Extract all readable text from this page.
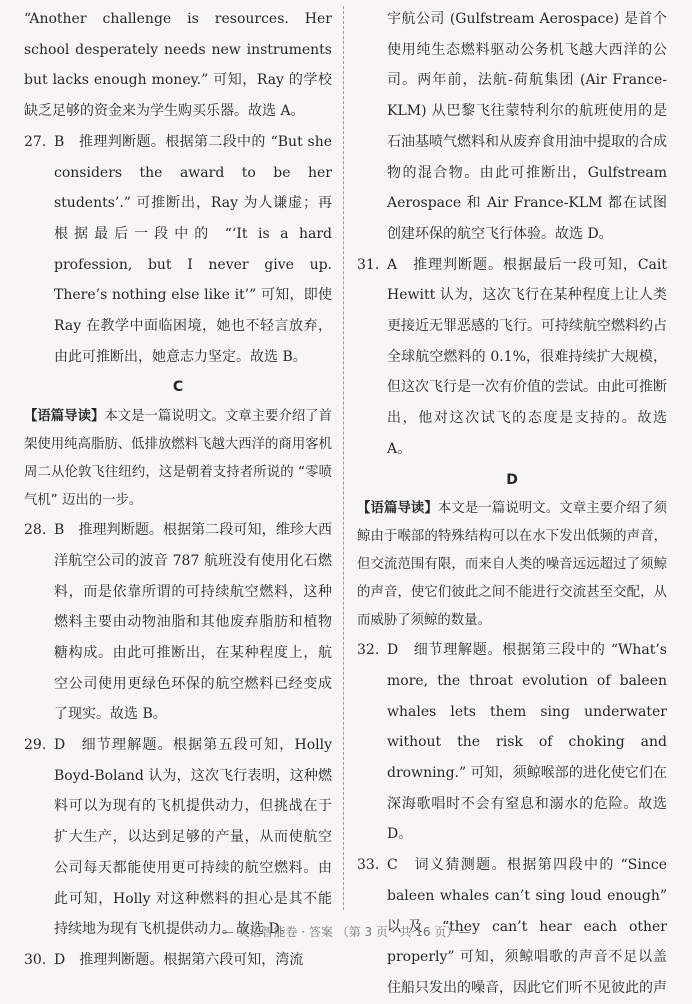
“Another challenge is resources. Her school desperately needs new instruments but lacks enough money.” 可知，Ray 的学校缺乏足够的资金来为学生购买乐器。故选 A。

27. B　推理判断题。根据第二段中的 “But she considers the award to be her students’.” 可推断出，Ray 为人谦虚；再根据最后一段中的 “‘It is a hard profession, but I never give up. There’s nothing else like it’” 可知，即使 Ray 在教学中面临困境，她也不轻言放弃，由此可推断出，她意志力坚定。故选 B。

C

【语篇导读】本文是一篇说明文。文章主要介绍了首架使用纯高脂肪、低排放燃料飞越大西洋的商用客机周二从伦敦飞往纽约，这是朝着支持者所说的 “零喷气机” 迈出的一步。

28. B　推理判断题。根据第二段可知，维珍大西洋航空公司的波音 787 航班没有使用化石燃料，而是依靠所谓的可持续航空燃料，这种燃料主要由动物油脂和其他废弃脂肪和植物糖构成。由此可推断出，在某种程度上，航空公司使用更绿色环保的航空燃料已经变成了现实。故选 B。
29. D　细节理解题。根据第五段可知，Holly Boyd-Boland 认为，这次飞行表明，这种燃料可以为现有的飞机提供动力，但挑战在于扩大生产，以达到足够的产量，从而使航空公司每天都能使用更可持续的航空燃料。由此可知，Holly 对这种燃料的担心是其不能持续地为现有飞机提供动力。故选 D。
30. D　推理判断题。根据第六段可知，湾流

宇航公司 (Gulfstream Aerospace) 是首个使用纯生态燃料驱动公务机飞越大西洋的公司。两年前，法航-荷航集团 (Air France-KLM) 从巴黎飞往蒙特利尔的航班使用的是石油基喷气燃料和从废弃食用油中提取的合成物的混合物。由此可推断出，Gulfstream Aerospace 和 Air France-KLM 都在试图创建环保的航空飞行体验。故选 D。

31. A　推理判断题。根据最后一段可知，Cait Hewitt 认为，这次飞行在某种程度上让人类更接近无罪恶感的飞行。可持续航空燃料约占全球航空燃料的 0.1%，很难持续扩大规模，但这次飞行是一次有价值的尝试。由此可推断出，他对这次试飞的态度是支持的。故选 A。

D

【语篇导读】本文是一篇说明文。文章主要介绍了须鲸由于喉部的特殊结构可以在水下发出低频的声音，但交流范围有限，而来自人类的噪音远远超过了须鲸的声音，使它们彼此之间不能进行交流甚至交配，从而威胁了须鲸的数量。

32. D　细节理解题。根据第三段中的 “What’s more, the throat evolution of baleen whales lets them sing underwater without the risk of choking and drowning.” 可知，须鲸喉部的进化使它们在深海歌唱时不会有窒息和溺水的危险。故选 D。
33. C　词义猜测题。根据第四段中的 “Since baleen whales can’t sing loud enough” 以及 “they can’t hear each other properly” 可知，须鲸唱歌的声音不足以盖住船只发出的噪音，因此它们听不见彼此的声
— 英语智能卷 · 答案 （第 3 页 · 共 16 页）—
